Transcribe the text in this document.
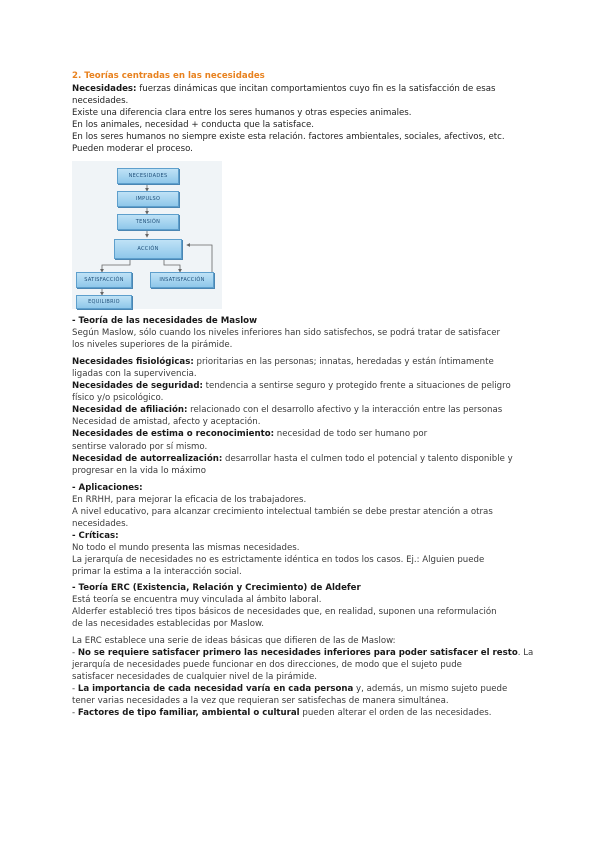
2. Teorías centradas en las necesidades

Necesidades: fuerzas dinámicas que incitan comportamientos cuyo fin es la satisfacción de esas

necesidades.

Existe una diferencia clara entre los seres humanos y otras especies animales.

En los animales, necesidad + conducta que la satisface.

En los seres humanos no siempre existe esta relación. factores ambientales, sociales, afectivos, etc.

Pueden moderar el proceso.

NECESIDADES
IMPULSO
TENSIÓN
ACCIÓN
SATISFACCIÓN	INSATISFACCIÓN
EQUILIBRIO

- Teoría de las necesidades de Maslow

Según Maslow, sólo cuando los niveles inferiores han sido satisfechos, se podrá tratar de satisfacer

los niveles superiores de la pirámide.

Necesidades fisiológicas: prioritarias en las personas; innatas, heredadas y están íntimamente

ligadas con la supervivencia.

Necesidades de seguridad: tendencia a sentirse seguro y protegido frente a situaciones de peligro

físico y/o psicológico.

Necesidad de afiliación: relacionado con el desarrollo afectivo y la interacción entre las personas

Necesidad de amistad, afecto y aceptación.

Necesidades de estima o reconocimiento: necesidad de todo ser humano por

sentirse valorado por sí mismo.

Necesidad de autorrealización: desarrollar hasta el culmen todo el potencial y talento disponible y

progresar en la vida lo máximo

- Aplicaciones:

En RRHH, para mejorar la eficacia de los trabajadores.

A nivel educativo, para alcanzar crecimiento intelectual también se debe prestar atención a otras

necesidades.

- Críticas:

No todo el mundo presenta las mismas necesidades.

La jerarquía de necesidades no es estrictamente idéntica en todos los casos. Ej.: Alguien puede

primar la estima a la interacción social.

- Teoría ERC (Existencia, Relación y Crecimiento) de Aldefer

Está teoría se encuentra muy vinculada al ámbito laboral.

Alderfer estableció tres tipos básicos de necesidades que, en realidad, suponen una reformulación

de las necesidades establecidas por Maslow.

La ERC establece una serie de ideas básicas que difieren de las de Maslow:

- No se requiere satisfacer primero las necesidades inferiores para poder satisfacer el resto. La

jerarquía de necesidades puede funcionar en dos direcciones, de modo que el sujeto pude

satisfacer necesidades de cualquier nivel de la pirámide.

- La importancia de cada necesidad varía en cada persona y, además, un mismo sujeto puede

tener varias necesidades a la vez que requieran ser satisfechas de manera simultánea.

- Factores de tipo familiar, ambiental o cultural pueden alterar el orden de las necesidades.
